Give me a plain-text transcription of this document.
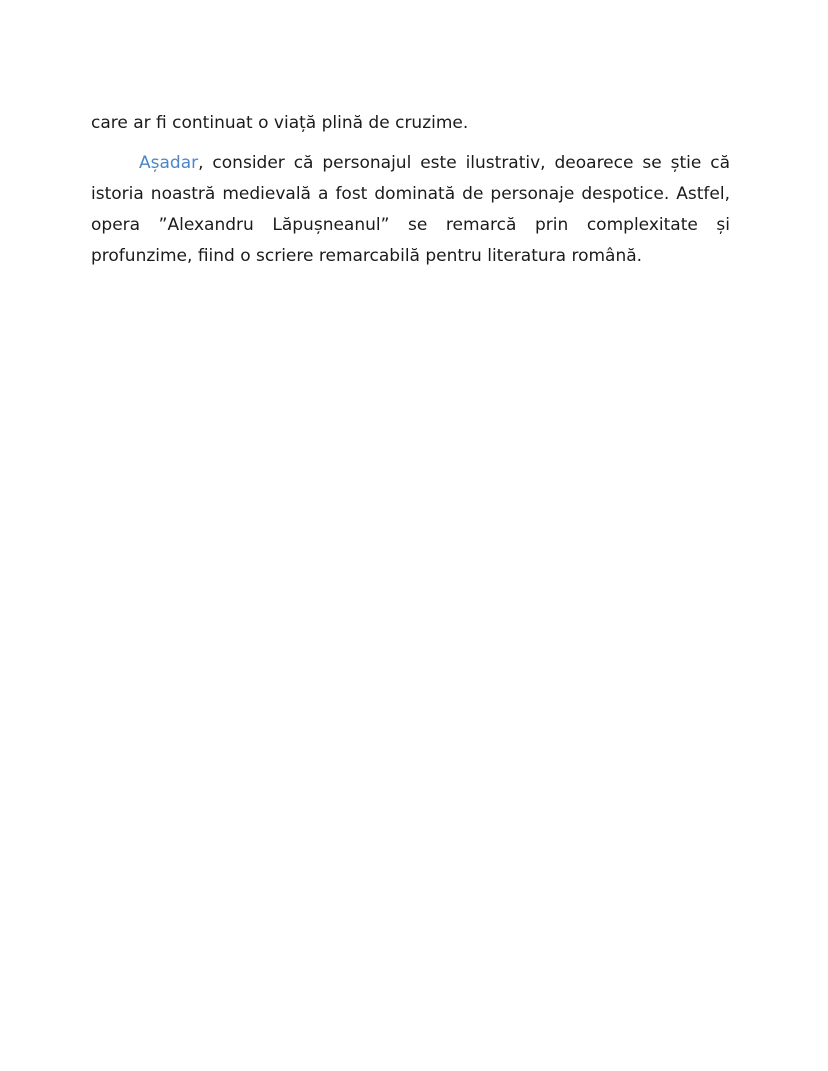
care ar fi continuat o viață plină de cruzime.

Așadar, consider că personajul este ilustrativ, deoarece se știe că istoria noastră medievală a fost dominată de personaje despotice. Astfel, opera ”Alexandru Lăpușneanul” se remarcă prin complexitate și profunzime, fiind o scriere remarcabilă pentru literatura română.
